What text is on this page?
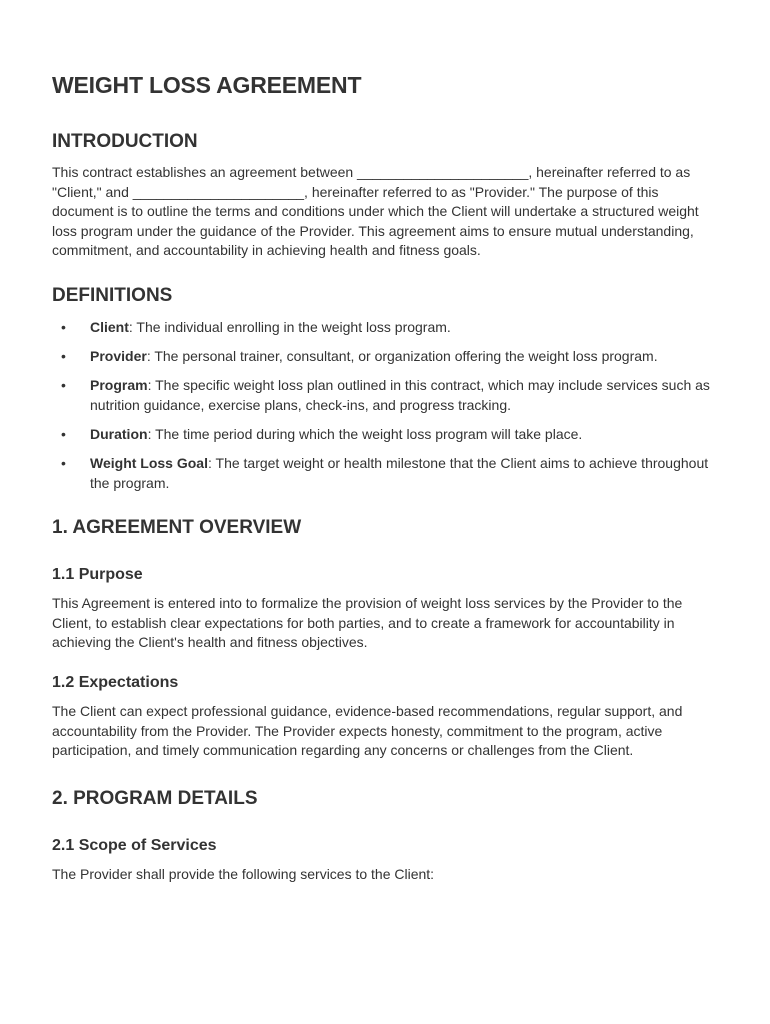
WEIGHT LOSS AGREEMENT
INTRODUCTION

This contract establishes an agreement between ______________________, hereinafter referred to as "Client," and ______________________, hereinafter referred to as "Provider." The purpose of this document is to outline the terms and conditions under which the Client will undertake a structured weight loss program under the guidance of the Provider. This agreement aims to ensure mutual understanding, commitment, and accountability in achieving health and fitness goals.

DEFINITIONS
• Client: The individual enrolling in the weight loss program.
• Provider: The personal trainer, consultant, or organization offering the weight loss program.
• Program: The specific weight loss plan outlined in this contract, which may include services such as nutrition guidance, exercise plans, check-ins, and progress tracking.
• Duration: The time period during which the weight loss program will take place.
• Weight Loss Goal: The target weight or health milestone that the Client aims to achieve throughout the program.
1. AGREEMENT OVERVIEW
1.1 Purpose

This Agreement is entered into to formalize the provision of weight loss services by the Provider to the Client, to establish clear expectations for both parties, and to create a framework for accountability in achieving the Client's health and fitness objectives.

1.2 Expectations

The Client can expect professional guidance, evidence-based recommendations, regular support, and accountability from the Provider. The Provider expects honesty, commitment to the program, active participation, and timely communication regarding any concerns or challenges from the Client.

2. PROGRAM DETAILS
2.1 Scope of Services

The Provider shall provide the following services to the Client:
